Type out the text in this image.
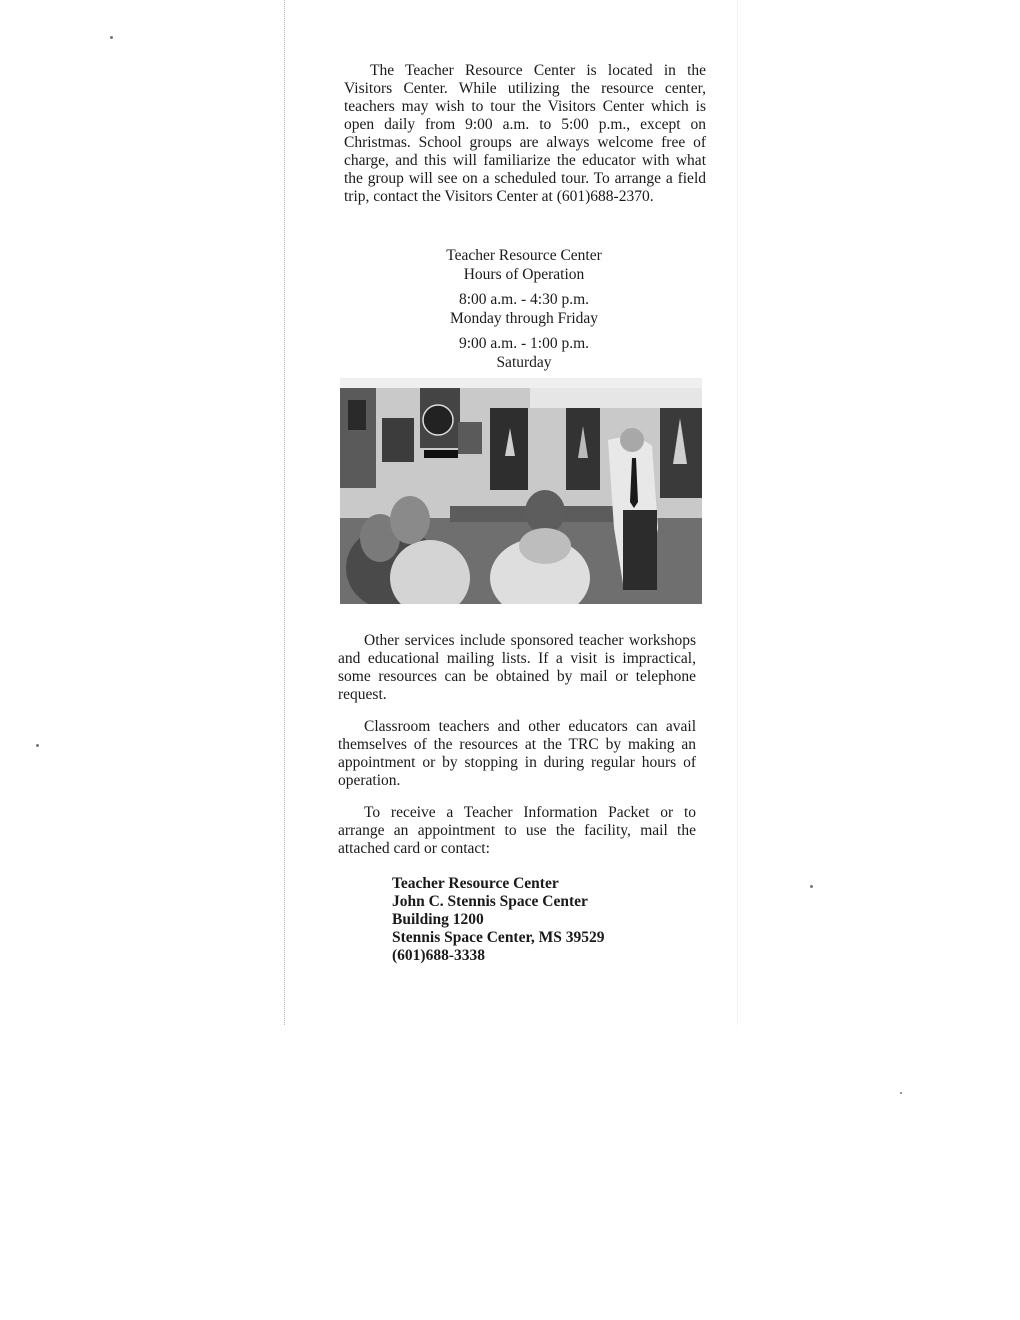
The Teacher Resource Center is located in the Visitors Center. While utilizing the resource center, teachers may wish to tour the Visitors Center which is open daily from 9:00 a.m. to 5:00 p.m., except on Christmas. School groups are always welcome free of charge, and this will familiarize the educator with what the group will see on a scheduled tour. To arrange a field trip, contact the Visitors Center at (601)688-2370.

Teacher Resource Center
Hours of Operation
8:00 a.m. - 4:30 p.m.
Monday through Friday
9:00 a.m. - 1:00 p.m.
Saturday

Other services include sponsored teacher workshops and educational mailing lists. If a visit is impractical, some resources can be obtained by mail or telephone request.

Classroom teachers and other educators can avail themselves of the resources at the TRC by making an appointment or by stopping in during regular hours of operation.

To receive a Teacher Information Packet or to arrange an appointment to use the facility, mail the attached card or contact:

Teacher Resource Center
John C. Stennis Space Center
Building 1200
Stennis Space Center, MS 39529
(601)688-3338
